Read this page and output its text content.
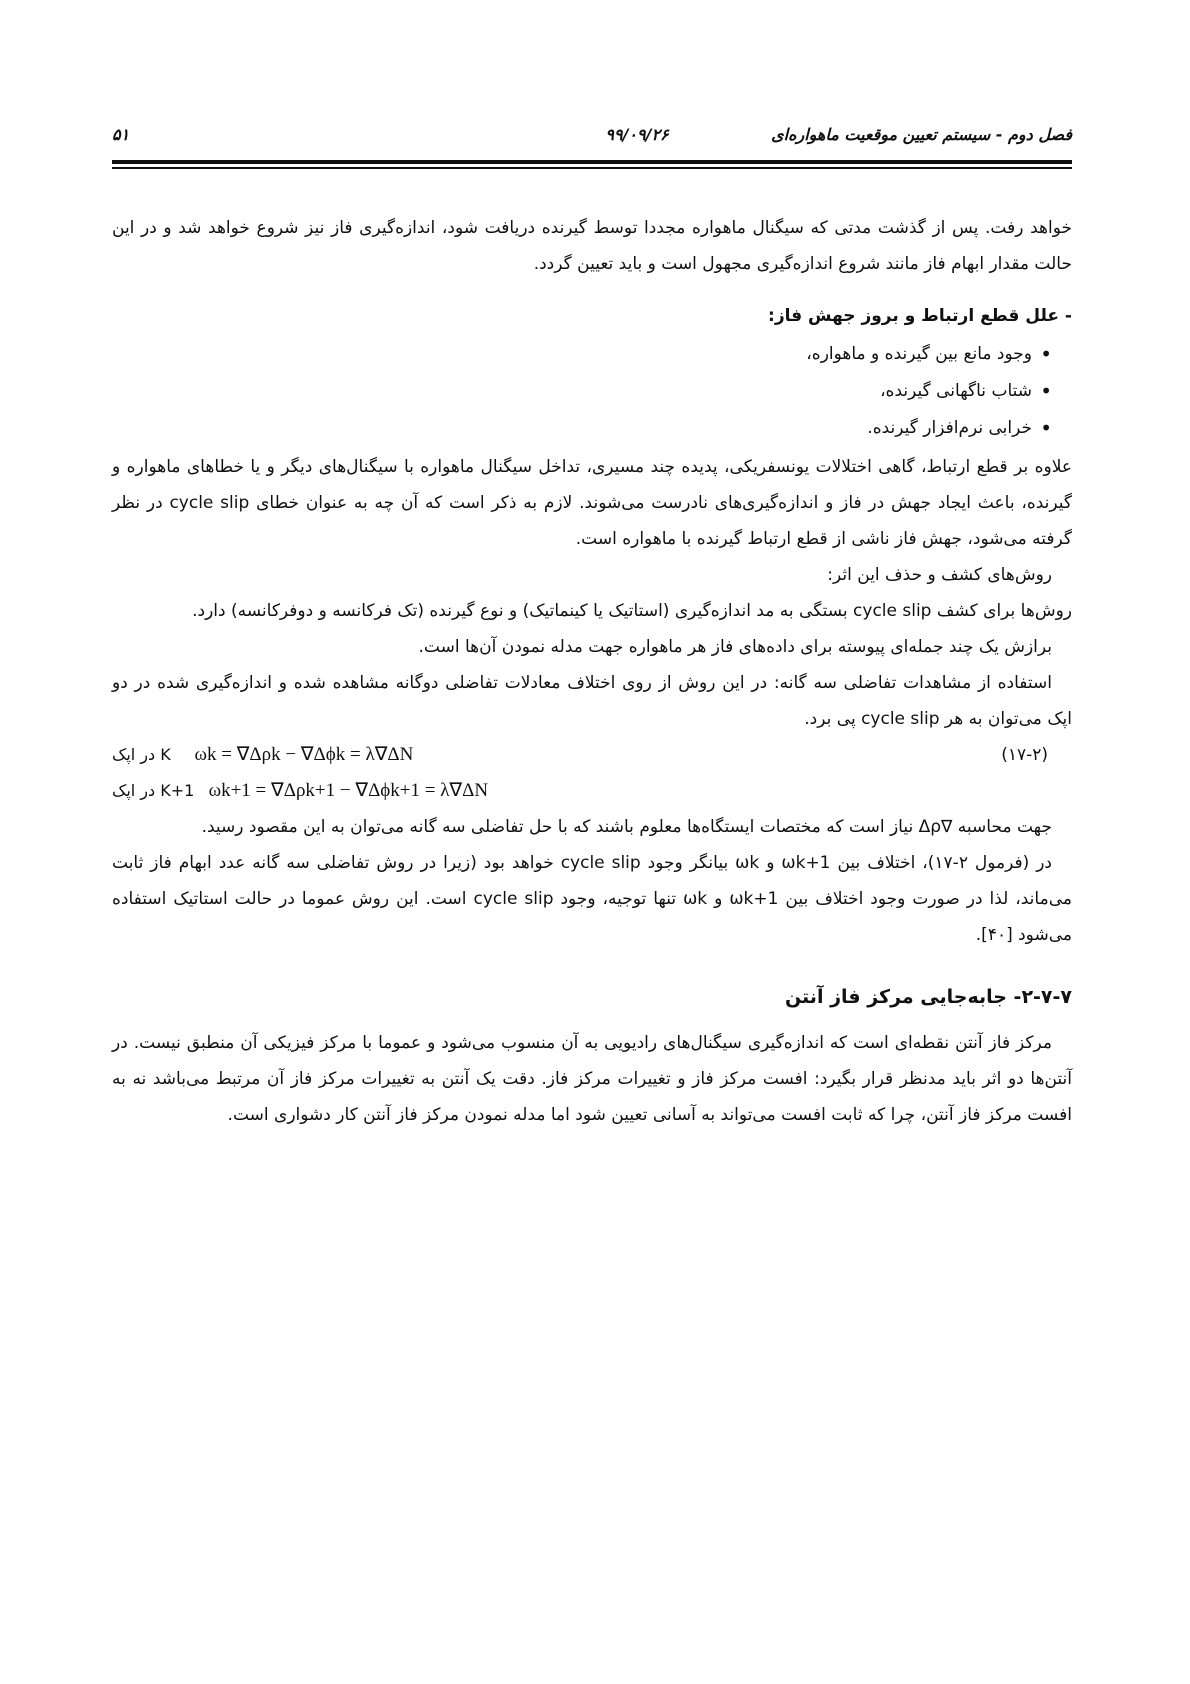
فصل دوم - سیستم تعیین موقعیت ماهواره‌ای
۹۹/۰۹/۲۶
۵۱

خواهد رفت. پس از گذشت مدتی که سیگنال ماهواره مجددا توسط گیرنده دریافت شود، اندازه‌گیری فاز نیز شروع خواهد شد و در این حالت مقدار ابهام فاز مانند شروع اندازه‌گیری مجهول است و باید تعیین گردد.

- علل قطع ارتباط و بروز جهش فاز:

• وجود مانع بین گیرنده و ماهواره،
• شتاب ناگهانی گیرنده،
• خرابی نرم‌افزار گیرنده.

علاوه بر قطع ارتباط، گاهی اختلالات یونسفریکی، پدیده چند مسیری، تداخل سیگنال ماهواره با سیگنال‌های دیگر و یا خطاهای ماهواره و گیرنده، باعث ایجاد جهش در فاز و اندازه‌گیری‌های نادرست می‌شوند. لازم به ذکر است که آن چه به عنوان خطای cycle slip در نظر گرفته می‌شود، جهش فاز ناشی از قطع ارتباط گیرنده با ماهواره است.

روش‌های کشف و حذف این اثر:

روش‌ها برای کشف cycle slip بستگی به مد اندازه‌گیری (استاتیک یا کینماتیک) و نوع گیرنده (تک فرکانسه و دوفرکانسه) دارد.

برازش یک چند جمله‌ای پیوسته برای داده‌های فاز هر ماهواره جهت مدله نمودن آن‌ها است.

استفاده از مشاهدات تفاضلی سه گانه: در این روش از روی اختلاف معادلات تفاضلی دوگانه مشاهده شده و اندازه‌گیری شده در دو اپک می‌توان به هر cycle slip پی برد.

در اپک K ωk = ∇Δρk − ∇Δϕk = λ∇ΔN	(۱۷-۲)
در اپک K+1 ωk+1 = ∇Δρk+1 − ∇Δϕk+1 = λ∇ΔN

جهت محاسبه ∇Δρ نیاز است که مختصات ایستگاه‌ها معلوم باشند که با حل تفاضلی سه گانه می‌توان به این مقصود رسید.

در (فرمول ۲-۱۷)، اختلاف بین ωk+1 و ωk بیانگر وجود cycle slip خواهد بود (زیرا در روش تفاضلی سه گانه عدد ابهام فاز ثابت می‌ماند، لذا در صورت وجود اختلاف بین ωk+1 و ωk تنها توجیه، وجود cycle slip است. این روش عموما در حالت استاتیک استفاده می‌شود [۴۰].

۲-۷-۷- جابه‌جایی مرکز فاز آنتن

مرکز فاز آنتن نقطه‌ای است که اندازه‌گیری سیگنال‌های رادیویی به آن منسوب می‌شود و عموما با مرکز فیزیکی آن منطبق نیست. در آنتن‌ها دو اثر باید مدنظر قرار بگیرد: افست مرکز فاز و تغییرات مرکز فاز. دقت یک آنتن به تغییرات مرکز فاز آن مرتبط می‌باشد نه به افست مرکز فاز آنتن، چرا که ثابت افست می‌تواند به آسانی تعیین شود اما مدله نمودن مرکز فاز آنتن کار دشواری است.
